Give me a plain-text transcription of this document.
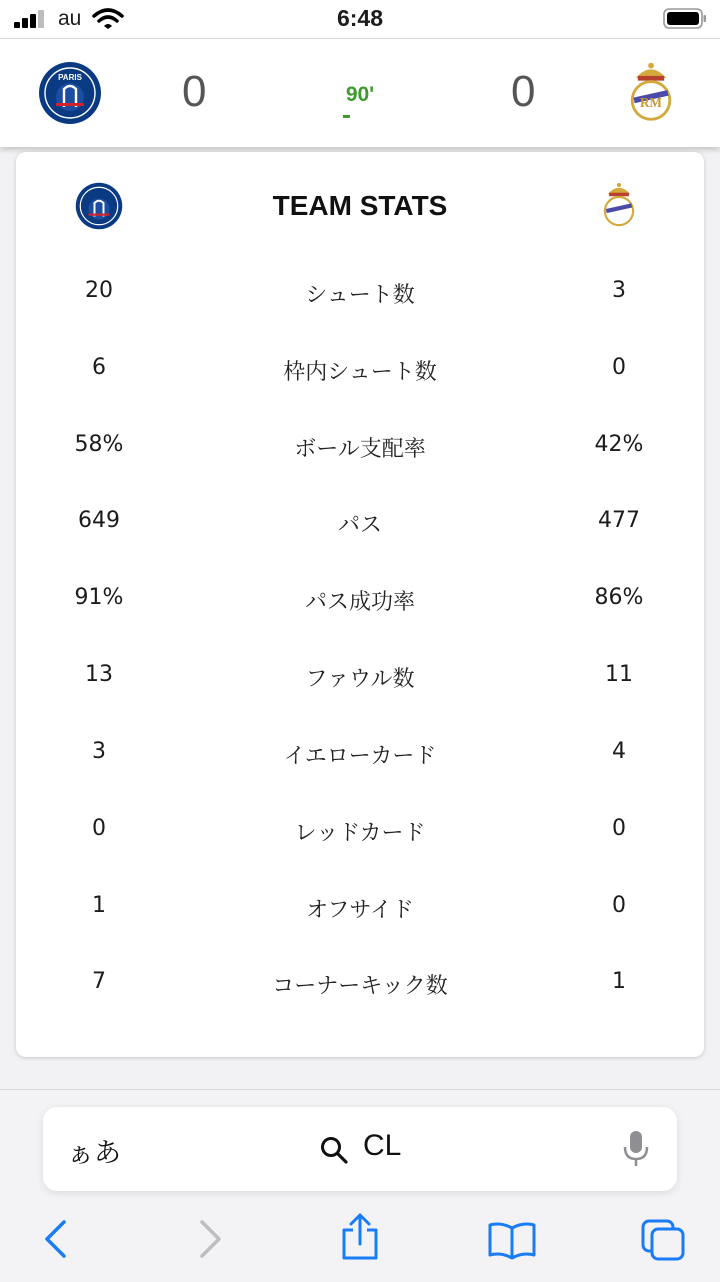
au	6:48
PARIS 0	90'	0	RM
TEAM STATS
20	シュート数	3
6	枠内シュート数	0
58%	ボール支配率	42%
649	パス	477
91%	パス成功率	86%
13	ファウル数	11
3	イエローカード	4
0	レッドカード	0
1	オフサイド	0
7	コーナーキック数	1
ぁあ	CL
